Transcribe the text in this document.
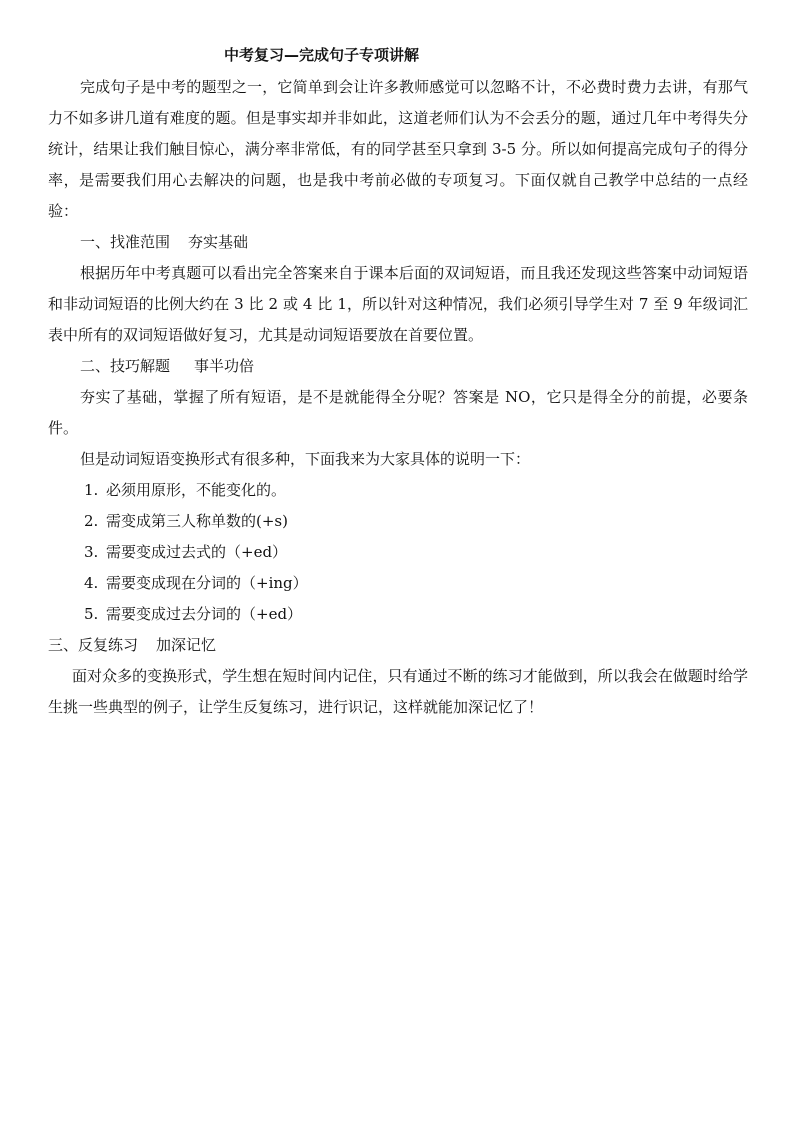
中考复习—完成句子专项讲解

完成句子是中考的题型之一，它简单到会让许多教师感觉可以忽略不计，不必费时费力去讲，有那气力不如多讲几道有难度的题。但是事实却并非如此，这道老师们认为不会丢分的题，通过几年中考得失分统计，结果让我们触目惊心，满分率非常低，有的同学甚至只拿到 3-5 分。所以如何提高完成句子的得分率，是需要我们用心去解决的问题，也是我中考前必做的专项复习。下面仅就自己教学中总结的一点经验：

一、找准范围 夯实基础

根据历年中考真题可以看出完全答案来自于课本后面的双词短语，而且我还发现这些答案中动词短语和非动词短语的比例大约在 3 比 2 或 4 比 1，所以针对这种情况，我们必须引导学生对 7 至 9 年级词汇表中所有的双词短语做好复习，尤其是动词短语要放在首要位置。

二、技巧解题 事半功倍

夯实了基础，掌握了所有短语，是不是就能得全分呢？答案是 NO，它只是得全分的前提，必要条件。

但是动词短语变换形式有很多种，下面我来为大家具体的说明一下：

1. 必须用原形，不能变化的。
2. 需变成第三人称单数的(+s)
3. 需要变成过去式的（+ed）
4. 需要变成现在分词的（+ing）
5. 需要变成过去分词的（+ed）
三、反复练习 加深记忆

面对众多的变换形式，学生想在短时间内记住，只有通过不断的练习才能做到，所以我会在做题时给学生挑一些典型的例子，让学生反复练习，进行识记，这样就能加深记忆了！
